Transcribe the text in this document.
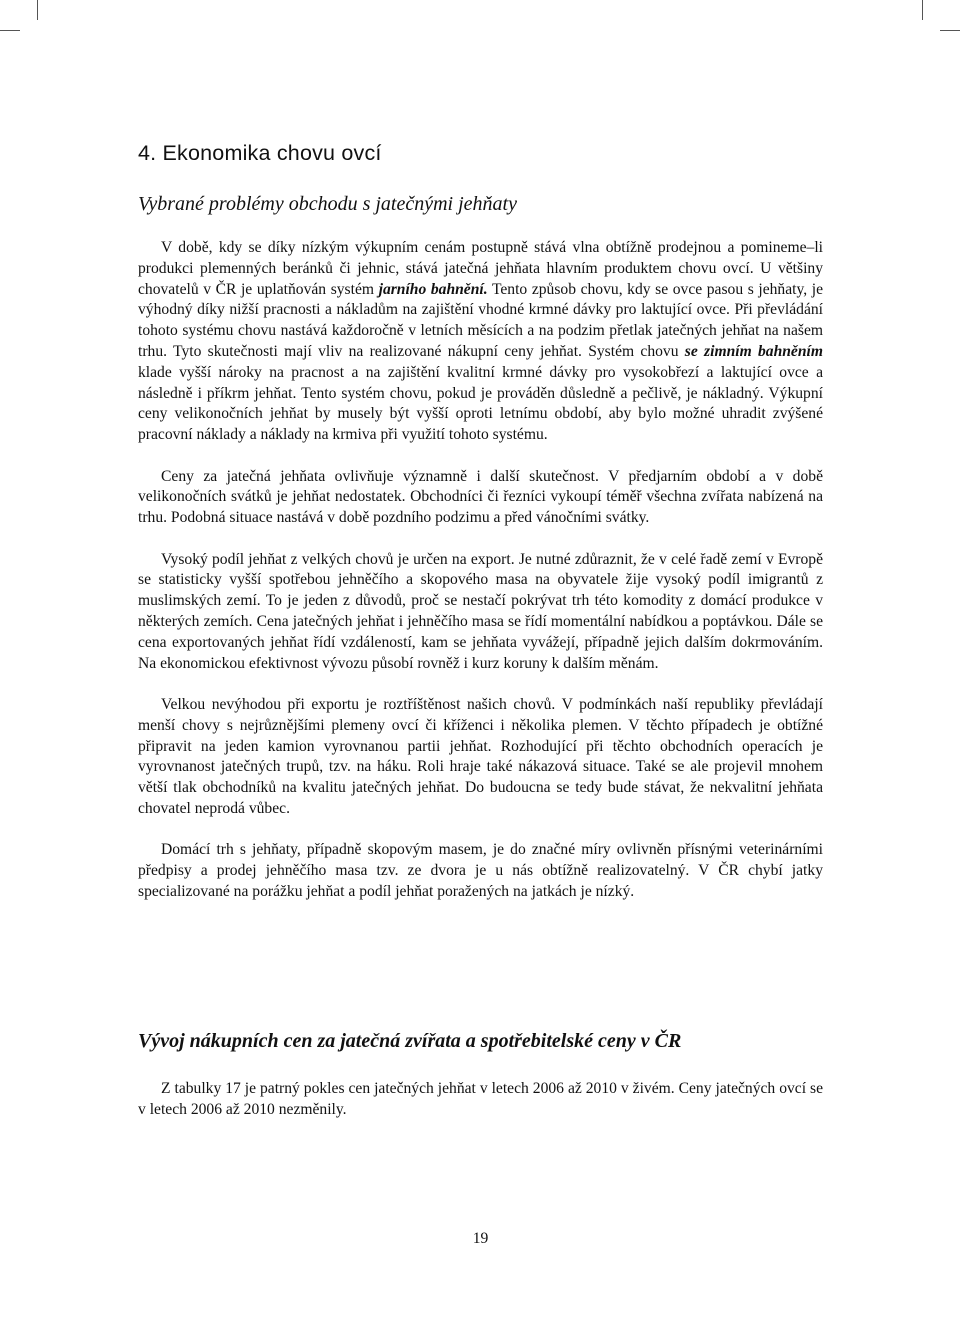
4. Ekonomika chovu ovcí
Vybrané problémy obchodu s jatečnými jehňaty

V době, kdy se díky nízkým výkupním cenám postupně stává vlna obtížně prodejnou a pomineme–li produkci plemenných beránků či jehnic, stává jatečná jehňata hlavním produktem chovu ovcí. U většiny chovatelů v ČR je uplatňován systém jarního bahnění. Tento způsob chovu, kdy se ovce pasou s jehňaty, je výhodný díky nižší pracnosti a nákladům na zajištění vhodné krmné dávky pro laktující ovce. Při převládání tohoto systému chovu nastává každoročně v letních měsících a na podzim přetlak jatečných jehňat na našem trhu. Tyto skutečnosti mají vliv na realizované nákupní ceny jehňat. Systém chovu se zimním bahněním klade vyšší nároky na pracnost a na zajištění kvalitní krmné dávky pro vysokobřezí a laktující ovce a následně i příkrm jehňat. Tento systém chovu, pokud je prováděn důsledně a pečlivě, je nákladný. Výkupní ceny velikonočních jehňat by musely být vyšší oproti letnímu období, aby bylo možné uhradit zvýšené pracovní náklady a náklady na krmiva při využití tohoto systému.

Ceny za jatečná jehňata ovlivňuje významně i další skutečnost. V předjarním období a v době velikonočních svátků je jehňat nedostatek. Obchodníci či řezníci vykoupí téměř všechna zvířata nabízená na trhu. Podobná situace nastává v době pozdního podzimu a před vánočními svátky.

Vysoký podíl jehňat z velkých chovů je určen na export. Je nutné zdůraznit, že v celé řadě zemí v Evropě se statisticky vyšší spotřebou jehněčího a skopového masa na obyvatele žije vysoký podíl imigrantů z muslimských zemí. To je jeden z důvodů, proč se nestačí pokrývat trh této komodity z domácí produkce v některých zemích. Cena jatečných jehňat i jehněčího masa se řídí momentální nabídkou a poptávkou. Dále se cena exportovaných jehňat řídí vzdáleností, kam se jehňata vyvážejí, případně jejich dalším dokrmováním. Na ekonomickou efektivnost vývozu působí rovněž i kurz koruny k dalším měnám.

Velkou nevýhodou při exportu je roztříštěnost našich chovů. V podmínkách naší republiky převládají menší chovy s nejrůznějšími plemeny ovcí či kříženci i několika plemen. V těchto případech je obtížné připravit na jeden kamion vyrovnanou partii jehňat. Rozhodující při těchto obchodních operacích je vyrovnanost jatečných trupů, tzv. na háku. Roli hraje také nákazová situace. Také se ale projevil mnohem větší tlak obchodníků na kvalitu jatečných jehňat. Do budoucna se tedy bude stávat, že nekvalitní jehňata chovatel neprodá vůbec.

Domácí trh s jehňaty, případně skopovým masem, je do značné míry ovlivněn přísnými veterinárními předpisy a prodej jehněčího masa tzv. ze dvora je u nás obtížně realizovatelný. V ČR chybí jatky specializované na porážku jehňat a podíl jehňat poražených na jatkách je nízký.

Vývoj nákupních cen za jatečná zvířata a spotřebitelské ceny v ČR

Z tabulky 17 je patrný pokles cen jatečných jehňat v letech 2006 až 2010 v živém. Ceny jatečných ovcí se v letech 2006 až 2010 nezměnily.

19
